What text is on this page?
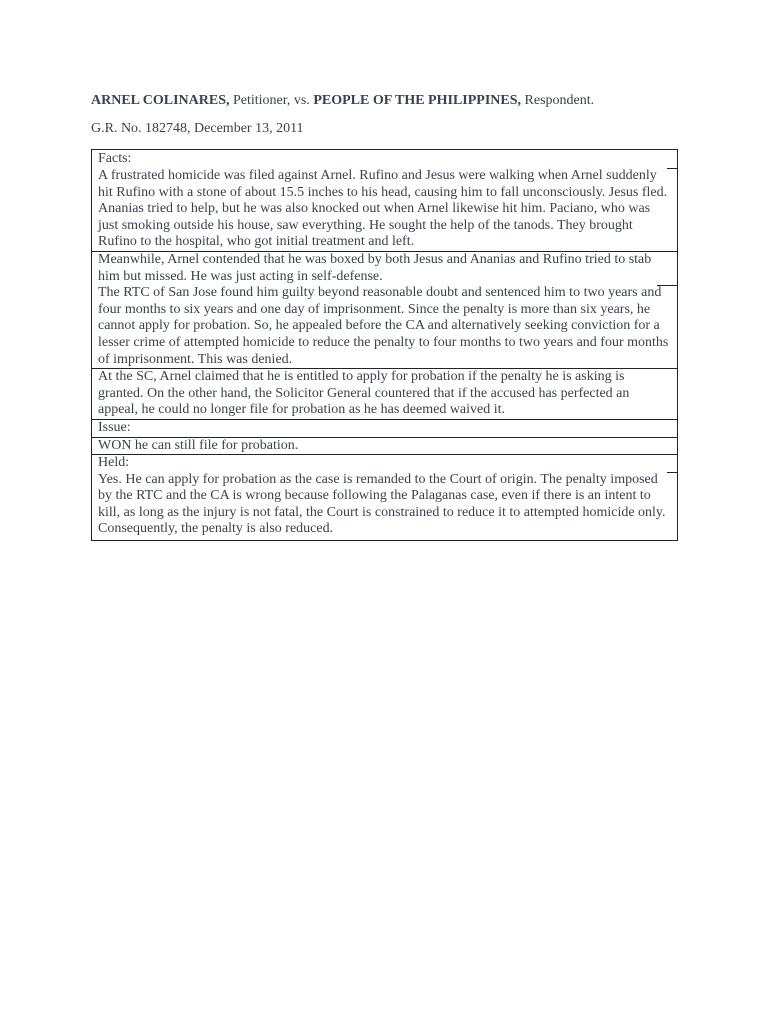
ARNEL COLINARES, Petitioner, vs. PEOPLE OF THE PHILIPPINES, Respondent.
G.R. No. 182748, December 13, 2011
Facts:
A frustrated homicide was filed against Arnel. Rufino and Jesus were walking when Arnel suddenly hit Rufino with a stone of about 15.5 inches to his head, causing him to fall unconsciously. Jesus fled. Ananias tried to help, but he was also knocked out when Arnel likewise hit him. Paciano, who was just smoking outside his house, saw everything. He sought the help of the tanods. They brought Rufino to the hospital, who got initial treatment and left.
Meanwhile, Arnel contended that he was boxed by both Jesus and Ananias and Rufino tried to stab him but missed. He was just acting in self-defense.
The RTC of San Jose found him guilty beyond reasonable doubt and sentenced him to two years and four months to six years and one day of imprisonment. Since the penalty is more than six years, he cannot apply for probation. So, he appealed before the CA and alternatively seeking conviction for a lesser crime of attempted homicide to reduce the penalty to four months to two years and four months of imprisonment. This was denied.
At the SC, Arnel claimed that he is entitled to apply for probation if the penalty he is asking is granted. On the other hand, the Solicitor General countered that if the accused has perfected an appeal, he could no longer file for probation as he has deemed waived it.
Issue:
WON he can still file for probation.
Held:
Yes. He can apply for probation as the case is remanded to the Court of origin. The penalty imposed by the RTC and the CA is wrong because following the Palaganas case, even if there is an intent to kill, as long as the injury is not fatal, the Court is constrained to reduce it to attempted homicide only. Consequently, the penalty is also reduced.
